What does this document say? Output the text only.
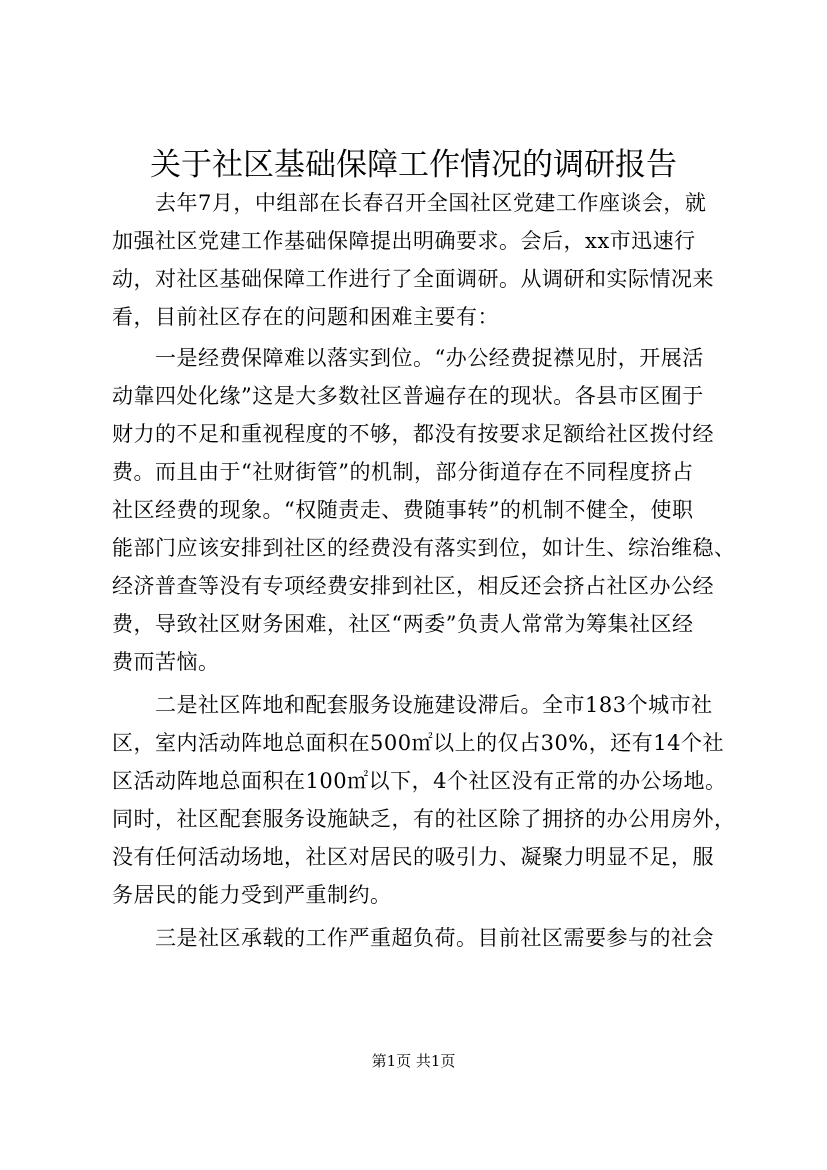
关于社区基础保障工作情况的调研报告
　　去年7月，中组部在长春召开全国社区党建工作座谈会，就
加强社区党建工作基础保障提出明确要求。会后，xx市迅速行
动，对社区基础保障工作进行了全面调研。从调研和实际情况来
看，目前社区存在的问题和困难主要有：
　　一是经费保障难以落实到位。“办公经费捉襟见肘，开展活
动靠四处化缘”这是大多数社区普遍存在的现状。各县市区囿于
财力的不足和重视程度的不够，都没有按要求足额给社区拨付经
费。而且由于“社财街管”的机制，部分街道存在不同程度挤占
社区经费的现象。“权随责走、费随事转”的机制不健全，使职
能部门应该安排到社区的经费没有落实到位，如计生、综治维稳、
经济普查等没有专项经费安排到社区，相反还会挤占社区办公经
费，导致社区财务困难，社区“两委”负责人常常为筹集社区经
费而苦恼。
　　二是社区阵地和配套服务设施建设滞后。全市183个城市社
区，室内活动阵地总面积在500㎡以上的仅占30%，还有14个社
区活动阵地总面积在100㎡以下，4个社区没有正常的办公场地。
同时，社区配套服务设施缺乏，有的社区除了拥挤的办公用房外，
没有任何活动场地，社区对居民的吸引力、凝聚力明显不足，服
务居民的能力受到严重制约。
　　三是社区承载的工作严重超负荷。目前社区需要参与的社会
第1页 共1页
